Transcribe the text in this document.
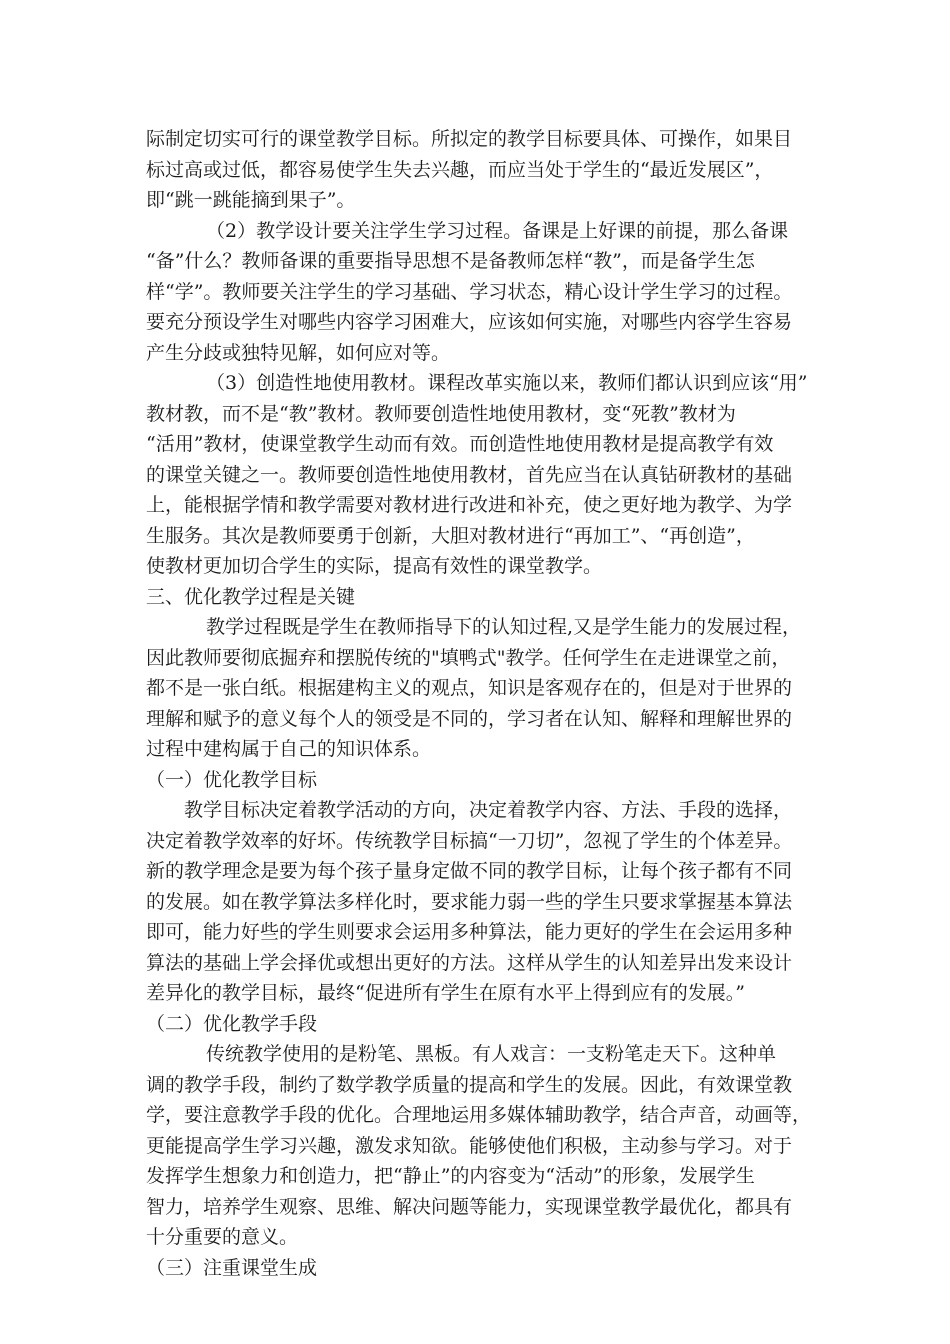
际制定切实可行的课堂教学目标。所拟定的教学目标要具体、可操作，如果目
标过高或过低，都容易使学生失去兴趣，而应当处于学生的“最近发展区”，
即“跳一跳能摘到果子”。
（2）教学设计要关注学生学习过程。备课是上好课的前提，那么备课
“备”什么？教师备课的重要指导思想不是备教师怎样“教”，而是备学生怎
样“学”。教师要关注学生的学习基础、学习状态，精心设计学生学习的过程。
要充分预设学生对哪些内容学习困难大，应该如何实施，对哪些内容学生容易
产生分歧或独特见解，如何应对等。
（3）创造性地使用教材。课程改革实施以来，教师们都认识到应该“用”
教材教，而不是“教”教材。教师要创造性地使用教材，变“死教”教材为
“活用”教材，使课堂教学生动而有效。而创造性地使用教材是提高教学有效
的课堂关键之一。教师要创造性地使用教材，首先应当在认真钻研教材的基础
上，能根据学情和教学需要对教材进行改进和补充，使之更好地为教学、为学
生服务。其次是教师要勇于创新，大胆对教材进行“再加工”、“再创造”，
使教材更加切合学生的实际，提高有效性的课堂教学。
三、优化教学过程是关键
教学过程既是学生在教师指导下的认知过程,又是学生能力的发展过程，
因此教师要彻底掘弃和摆脱传统的"填鸭式"教学。任何学生在走进课堂之前，
都不是一张白纸。根据建构主义的观点，知识是客观存在的，但是对于世界的
理解和赋予的意义每个人的领受是不同的，学习者在认知、解释和理解世界的
过程中建构属于自己的知识体系。
（一）优化教学目标
教学目标决定着教学活动的方向，决定着教学内容、方法、手段的选择，
决定着教学效率的好坏。传统教学目标搞“一刀切”，忽视了学生的个体差异。
新的教学理念是要为每个孩子量身定做不同的教学目标，让每个孩子都有不同
的发展。如在教学算法多样化时，要求能力弱一些的学生只要求掌握基本算法
即可，能力好些的学生则要求会运用多种算法，能力更好的学生在会运用多种
算法的基础上学会择优或想出更好的方法。这样从学生的认知差异出发来设计
差异化的教学目标，最终“促进所有学生在原有水平上得到应有的发展。”
（二）优化教学手段
传统教学使用的是粉笔、黑板。有人戏言：一支粉笔走天下。这种单
调的教学手段，制约了数学教学质量的提高和学生的发展。因此，有效课堂教
学，要注意教学手段的优化。合理地运用多媒体辅助教学，结合声音，动画等，
更能提高学生学习兴趣，激发求知欲。能够使他们积极，主动参与学习。对于
发挥学生想象力和创造力，把“静止”的内容变为“活动”的形象，发展学生
智力，培养学生观察、思维、解决问题等能力，实现课堂教学最优化，都具有
十分重要的意义。
（三）注重课堂生成
